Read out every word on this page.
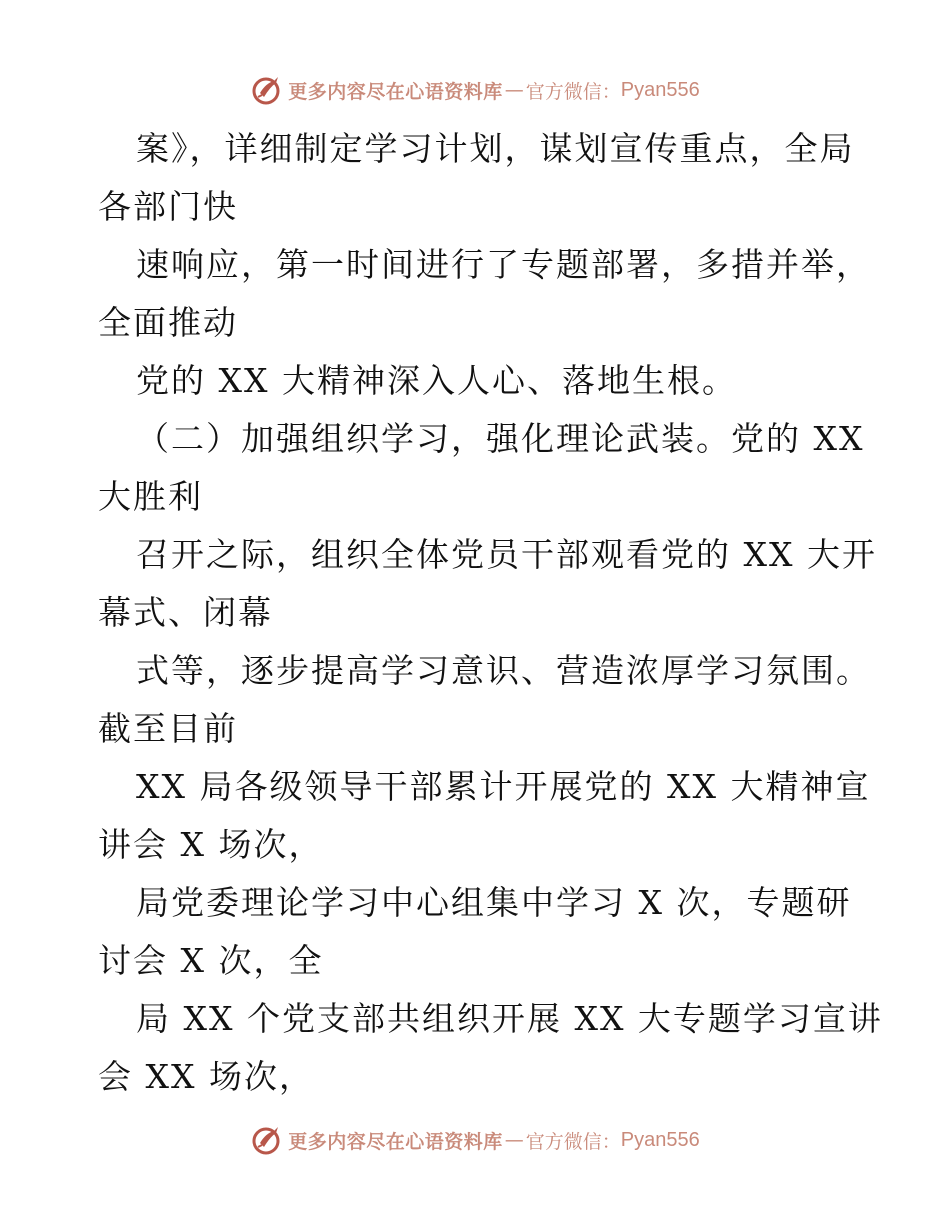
更多内容尽在心语资料库 — 官方微信： Pyan556
案》，详细制定学习计划，谋划宣传重点，全局
各部门快
速响应，第一时间进行了专题部署，多措并举，
全面推动
党的 XX 大精神深入人心、落地生根。
（二）加强组织学习，强化理论武装。党的 XX
大胜利
召开之际，组织全体党员干部观看党的 XX 大开
幕式、闭幕
式等，逐步提高学习意识、营造浓厚学习氛围。
截至目前
XX 局各级领导干部累计开展党的 XX 大精神宣
讲会 X 场次，
局党委理论学习中心组集中学习 X 次，专题研
讨会 X 次，全
局 XX 个党支部共组织开展 XX 大专题学习宣讲
会 XX 场次，
更多内容尽在心语资料库 — 官方微信： Pyan556
